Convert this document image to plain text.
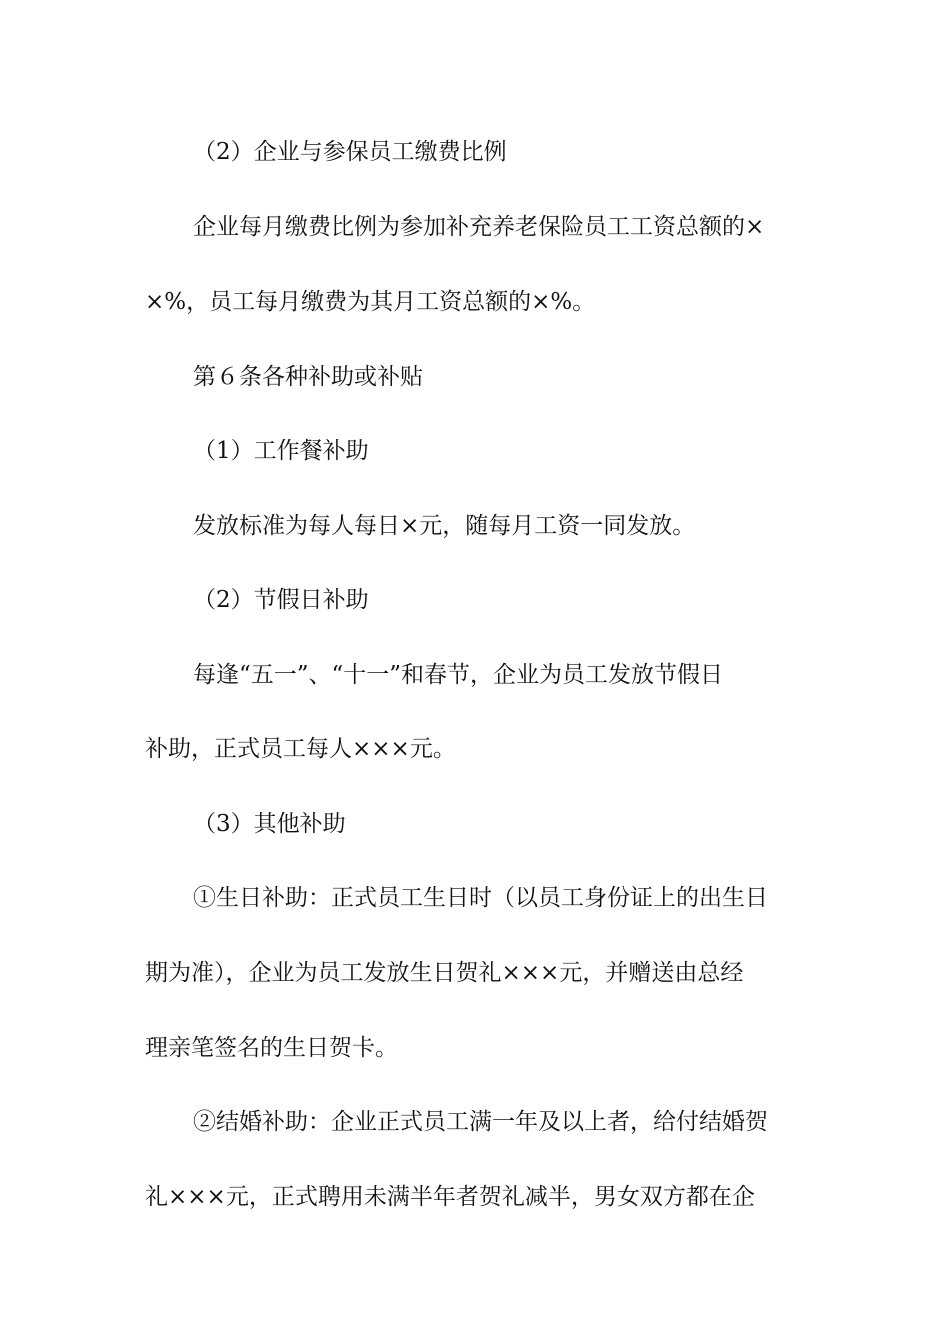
（2）企业与参保员工缴费比例
企业每月缴费比例为参加补充养老保险员工工资总额的×
×%，员工每月缴费为其月工资总额的×%。
第６条各种补助或补贴
（1）工作餐补助
发放标准为每人每日×元，随每月工资一同发放。
（2）节假日补助
每逢“五一”、“十一”和春节，企业为员工发放节假日
补助，正式员工每人×××元。
（3）其他补助
①生日补助：正式员工生日时（以员工身份证上的出生日
期为准），企业为员工发放生日贺礼×××元，并赠送由总经
理亲笔签名的生日贺卡。
②结婚补助：企业正式员工满一年及以上者，给付结婚贺
礼×××元，正式聘用未满半年者贺礼减半，男女双方都在企
